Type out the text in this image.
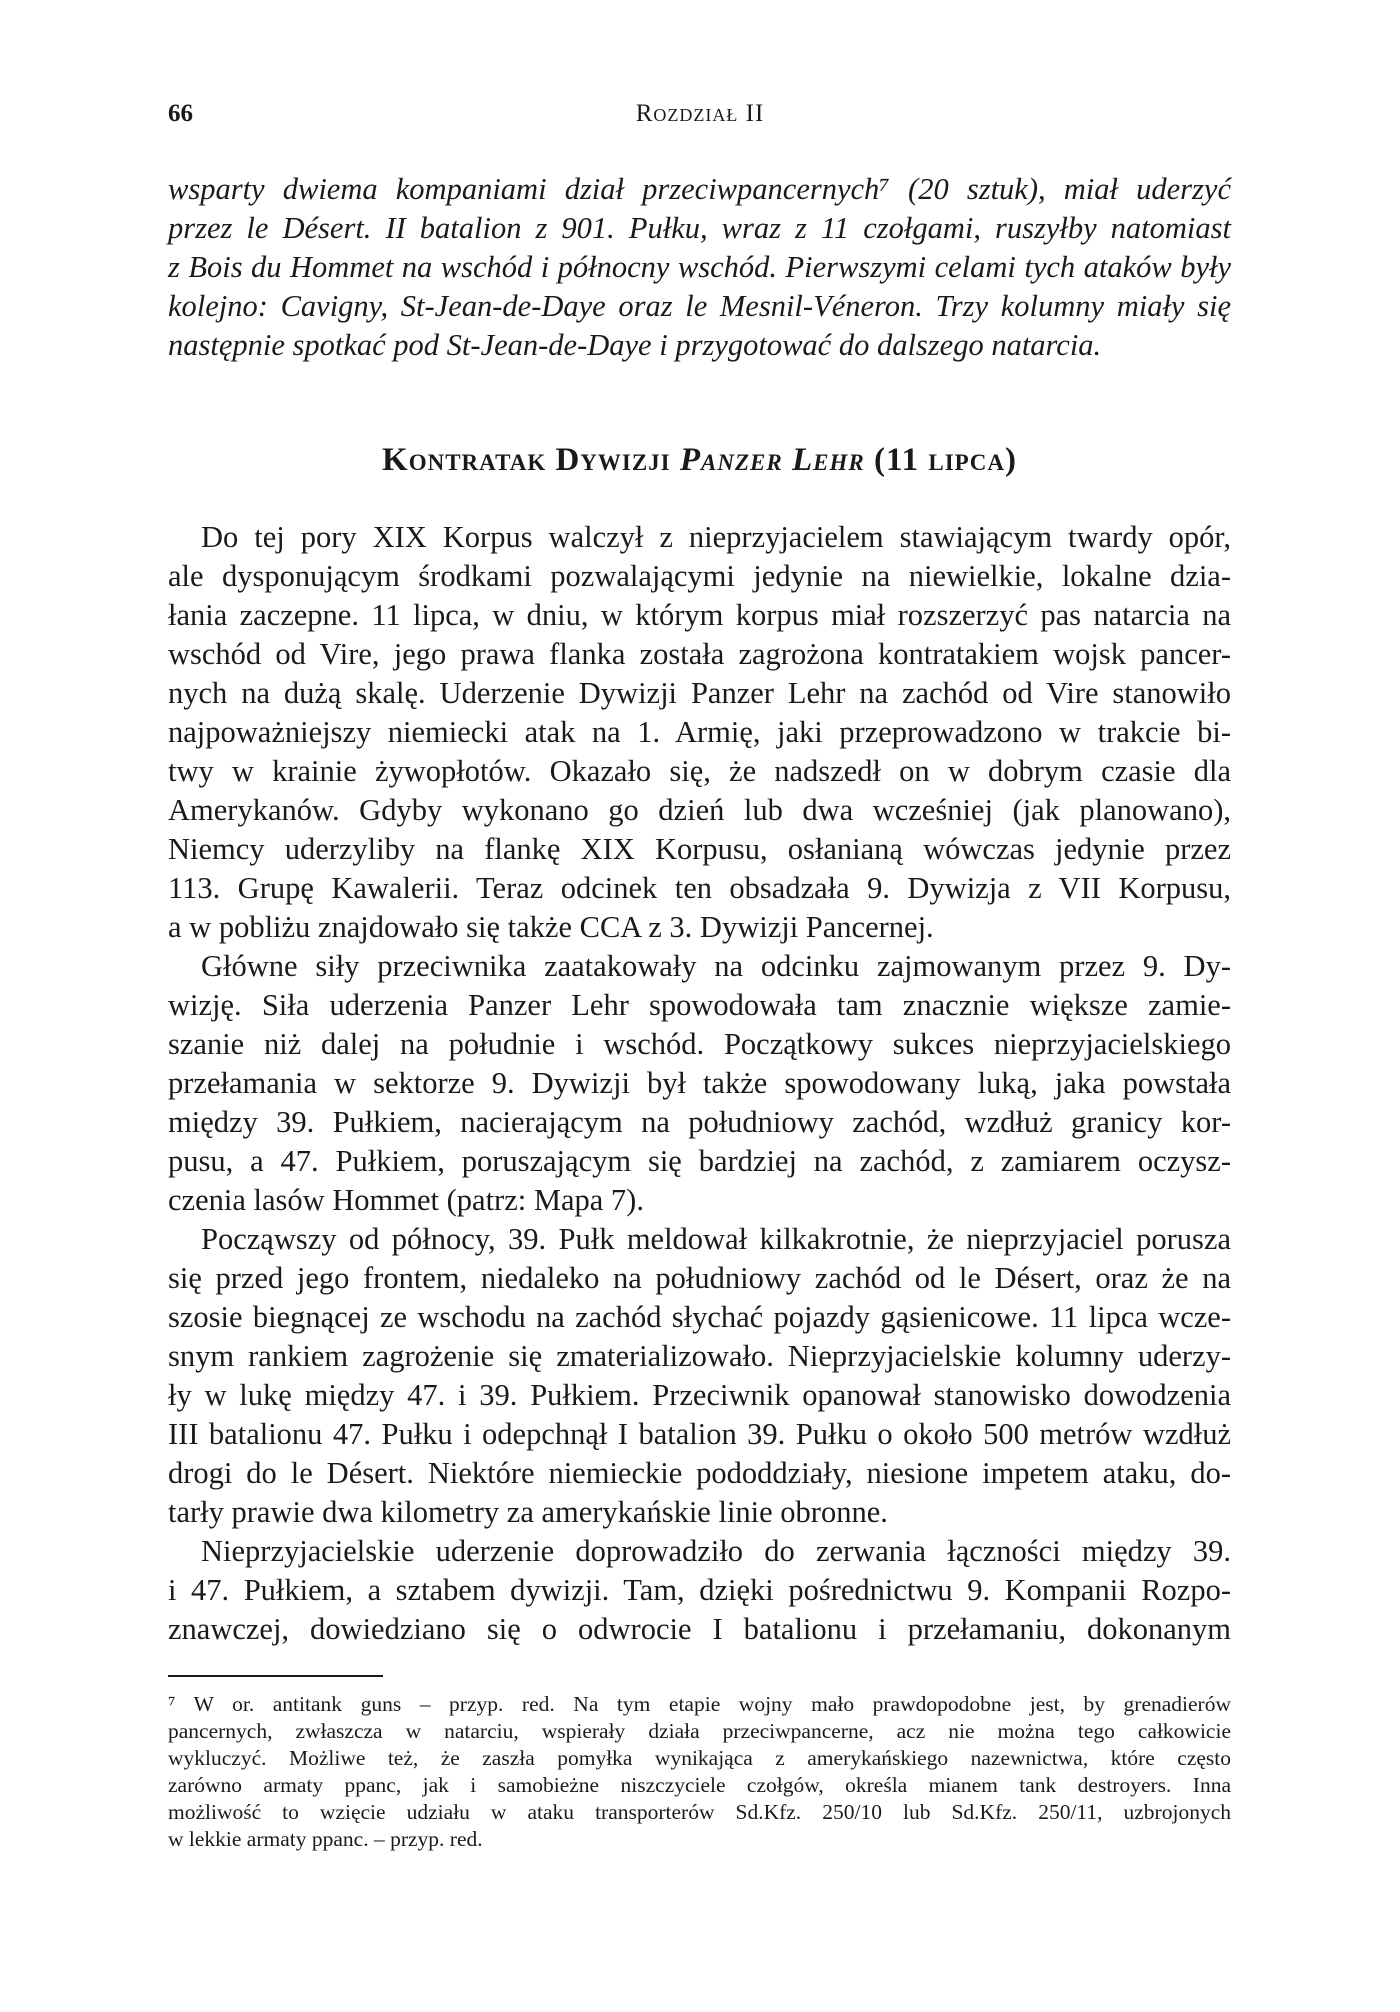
66	Rozdział II
wsparty dwiema kompaniami dział przeciwpancernych⁷ (20 sztuk), miał uderzyć
przez le Désert. II batalion z 901. Pułku, wraz z 11 czołgami, ruszyłby natomiast
z Bois du Hommet na wschód i północny wschód. Pierwszymi celami tych ataków były
kolejno: Cavigny, St-Jean-de-Daye oraz le Mesnil-Véneron. Trzy kolumny miały się
następnie spotkać pod St-Jean-de-Daye i przygotować do dalszego natarcia.
Kontratak Dywizji Panzer Lehr (11 lipca)
Do tej pory XIX Korpus walczył z nieprzyjacielem stawiającym twardy opór,
ale dysponującym środkami pozwalającymi jedynie na niewielkie, lokalne dzia-
łania zaczepne. 11 lipca, w dniu, w którym korpus miał rozszerzyć pas natarcia na
wschód od Vire, jego prawa flanka została zagrożona kontratakiem wojsk pancer-
nych na dużą skalę. Uderzenie Dywizji Panzer Lehr na zachód od Vire stanowiło
najpoważniejszy niemiecki atak na 1. Armię, jaki przeprowadzono w trakcie bi-
twy w krainie żywopłotów. Okazało się, że nadszedł on w dobrym czasie dla
Amerykanów. Gdyby wykonano go dzień lub dwa wcześniej (jak planowano),
Niemcy uderzyliby na flankę XIX Korpusu, osłanianą wówczas jedynie przez
113. Grupę Kawalerii. Teraz odcinek ten obsadzała 9. Dywizja z VII Korpusu,
a w pobliżu znajdowało się także CCA z 3. Dywizji Pancernej.
Główne siły przeciwnika zaatakowały na odcinku zajmowanym przez 9. Dy-
wizję. Siła uderzenia Panzer Lehr spowodowała tam znacznie większe zamie-
szanie niż dalej na południe i wschód. Początkowy sukces nieprzyjacielskiego
przełamania w sektorze 9. Dywizji był także spowodowany luką, jaka powstała
między 39. Pułkiem, nacierającym na południowy zachód, wzdłuż granicy kor-
pusu, a 47. Pułkiem, poruszającym się bardziej na zachód, z zamiarem oczysz-
czenia lasów Hommet (patrz: Mapa 7).
Począwszy od północy, 39. Pułk meldował kilkakrotnie, że nieprzyjaciel porusza
się przed jego frontem, niedaleko na południowy zachód od le Désert, oraz że na
szosie biegnącej ze wschodu na zachód słychać pojazdy gąsienicowe. 11 lipca wcze-
snym rankiem zagrożenie się zmaterializowało. Nieprzyjacielskie kolumny uderzy-
ły w lukę między 47. i 39. Pułkiem. Przeciwnik opanował stanowisko dowodzenia
III batalionu 47. Pułku i odepchnął I batalion 39. Pułku o około 500 metrów wzdłuż
drogi do le Désert. Niektóre niemieckie pododdziały, niesione impetem ataku, do-
tarły prawie dwa kilometry za amerykańskie linie obronne.
Nieprzyjacielskie uderzenie doprowadziło do zerwania łączności między 39.
i 47. Pułkiem, a sztabem dywizji. Tam, dzięki pośrednictwu 9. Kompanii Rozpo-
znawczej, dowiedziano się o odwrocie I batalionu i przełamaniu, dokonanym
⁷ W or. antitank guns – przyp. red. Na tym etapie wojny mało prawdopodobne jest, by grenadierów
pancernych, zwłaszcza w natarciu, wspierały działa przeciwpancerne, acz nie można tego całkowicie
wykluczyć. Możliwe też, że zaszła pomyłka wynikająca z amerykańskiego nazewnictwa, które często
zarówno armaty ppanc, jak i samobieżne niszczyciele czołgów, określa mianem tank destroyers. Inna
możliwość to wzięcie udziału w ataku transporterów Sd.Kfz. 250/10 lub Sd.Kfz. 250/11, uzbrojonych
w lekkie armaty ppanc. – przyp. red.
